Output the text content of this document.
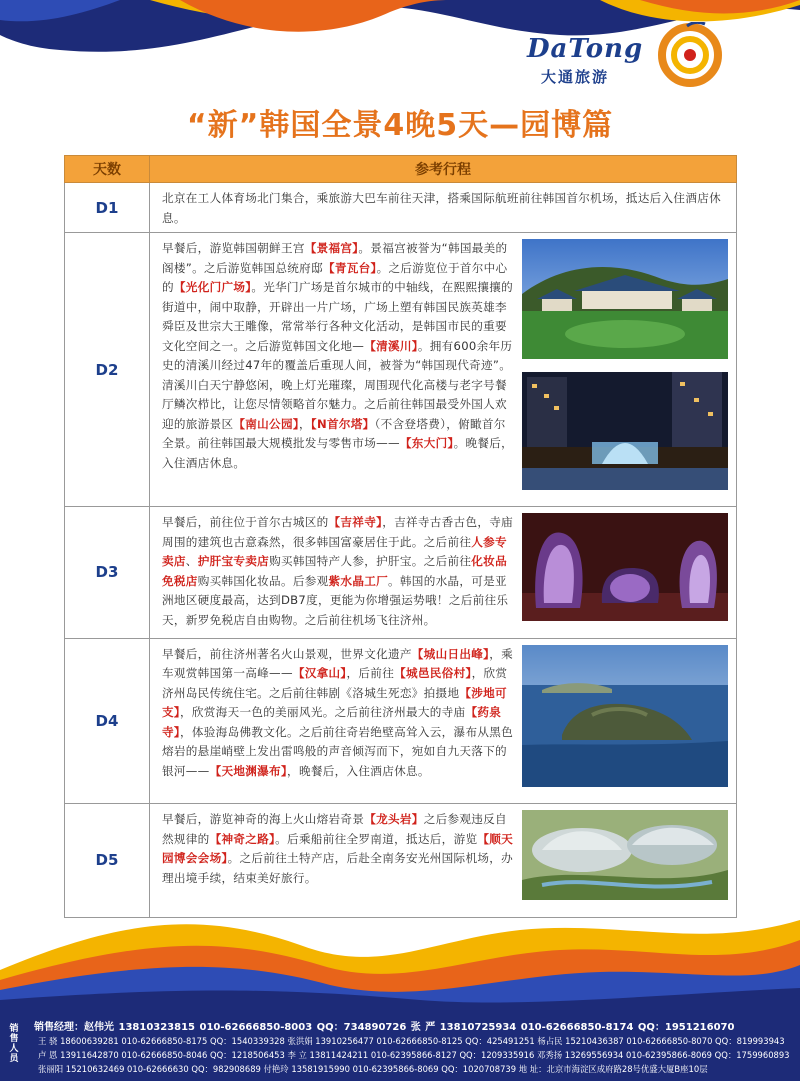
DaTong
大通旅游
“新”韩国全景4晚5天—园博篇
天数	参考行程
D1	北京在工人体育场北门集合，乘旅游大巴车前往天津，搭乘国际航班前往韩国首尔机场，抵达后入住酒店休息。
D2	早餐后，游览韩国朝鲜王宫【景福宫】。景福宫被誉为“韩国最美的阁楼”。之后游览韩国总统府邸【青瓦台】。之后游览位于首尔中心的【光化门广场】。光华门广场是首尔城市的中轴线，在熙熙攘攘的街道中，闹中取静，开辟出一片广场，广场上塑有韩国民族英雄李舜臣及世宗大王雕像，常常举行各种文化活动，是韩国市民的重要文化空间之一。之后游览韩国文化地—【清溪川】。拥有600余年历史的清溪川经过47年的覆盖后重现人间，被誉为“韩国现代奇迹”。清溪川白天宁静悠闲，晚上灯光璀璨，周围现代化高楼与老字号餐厅鳞次栉比，让您尽情领略首尔魅力。之后前往韩国最受外国人欢迎的旅游景区【南山公园】，【N首尔塔】（不含登塔费），俯瞰首尔全景。前往韩国最大规模批发与零售市场——【东大门】。晚餐后，入住酒店休息。
D3	早餐后，前往位于首尔古城区的【吉祥寺】，吉祥寺古香古色，寺庙周围的建筑也古意森然，很多韩国富豪居住于此。之后前往人参专卖店、护肝宝专卖店购买韩国特产人参，护肝宝。之后前往化妆品免税店购买韩国化妆品。后参观紫水晶工厂。韩国的水晶，可是亚洲地区硬度最高，达到DB7度，更能为你增强运势哦！之后前往乐天，新罗免税店自由购物。之后前往机场飞往济州。
D4	早餐后，前往济州著名火山景观，世界文化遗产【城山日出峰】，乘车观赏韩国第一高峰——【汉拿山】，后前往【城邑民俗村】，欣赏济州岛民传统住宅。之后前往韩剧《洛城生死恋》拍摄地【涉地可支】，欣赏海天一色的美丽风光。之后前往济州最大的寺庙【药泉寺】，体验海岛佛教文化。之后前往奇岩绝壁高耸入云，瀑布从黑色熔岩的悬崖峭壁上发出雷鸣般的声音倾泻而下，宛如自九天落下的银河——【天地渊瀑布】，晚餐后，入住酒店休息。
D5	早餐后，游览神奇的海上火山熔岩奇景【龙头岩】之后参观违反自然规律的【神奇之路】。后乘船前往全罗南道，抵达后，游览【顺天园博会会场】。之后前往土特产店，后赴全南务安光州国际机场，办理出境手续，结束美好旅行。
销售人员
销售经理：赵伟光 13810323815 010-62666850-8003 QQ：734890726 张 严 13810725934 010-62666850-8174 QQ：1951216070
王 骁 18600639281 010-62666850-8175 QQ：1540339328 张洪娟 13910256477 010-62666850-8125 QQ：425491251 杨占民 15210436387 010-62666850-8070 QQ：819993943
卢 恩 13911642870 010-62666850-8046 QQ：1218506453 李 立 13811424211 010-62395866-8127 QQ：1209335916 邓秀扬 13269556934 010-62395866-8069 QQ：1759960893
张丽阳 15210632469 010-62666630 QQ：982908689 付艳玲 13581915990 010-62395866-8069 QQ：1020708739 地 址：北京市海淀区成府路28号优盛大厦B座10层
